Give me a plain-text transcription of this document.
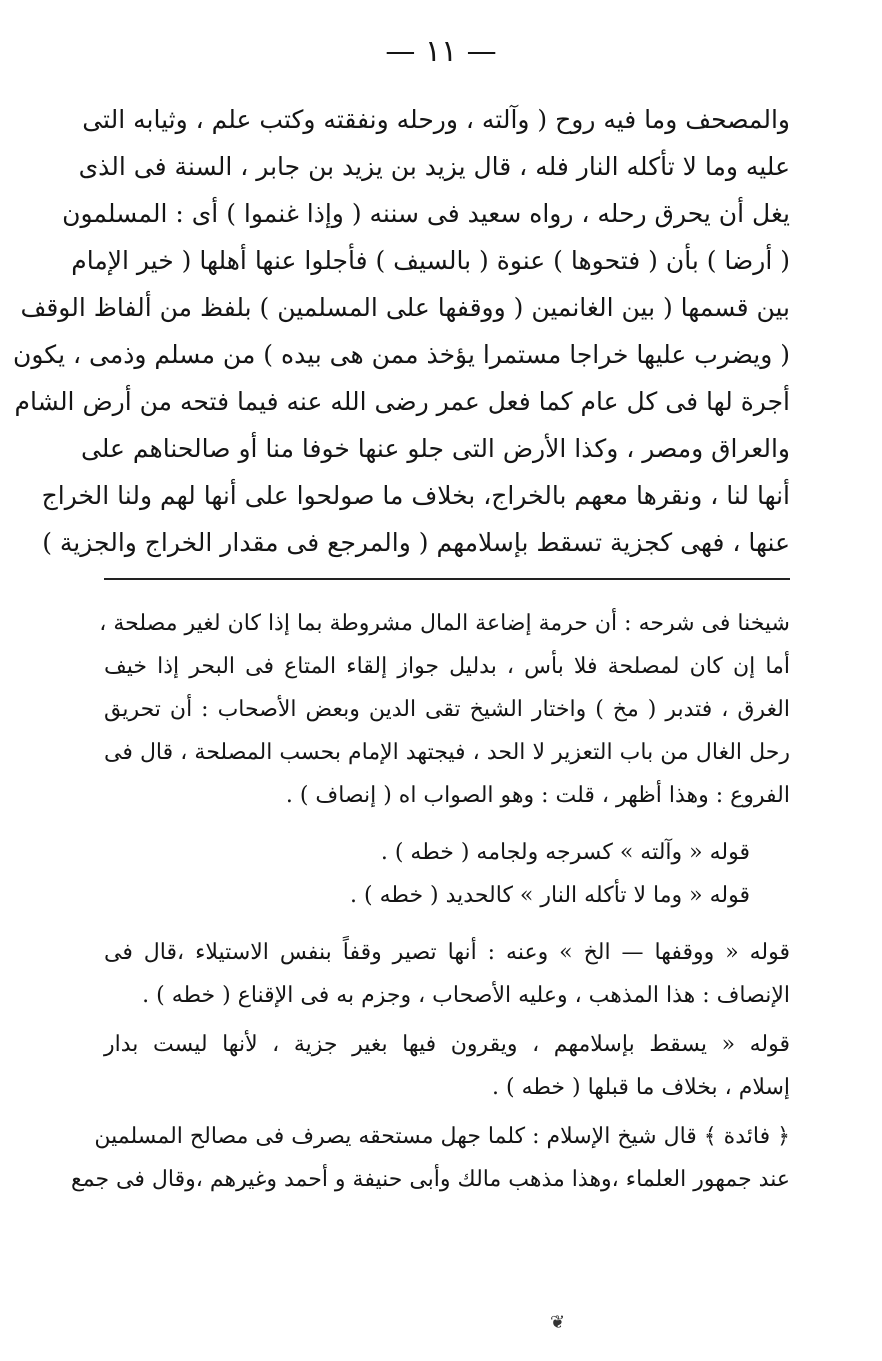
— ١١ —
والمصحف وما فيه روح ( وآلته ، ورحله ونفقته وكتب علم ، وثيابه التى
عليه وما لا تأكله النار فله ، قال يزيد بن يزيد بن جابر ، السنة فى الذى
يغل أن يحرق رحله ، رواه سعيد فى سننه ( وإذا غنموا ) أى : المسلمون
( أرضا ) بأن ( فتحوها ) عنوة ( بالسيف ) فأجلوا عنها أهلها ( خير الإمام
بين قسمها ( بين الغانمين ( ووقفها على المسلمين ) بلفظ من ألفاظ الوقف
( ويضرب عليها خراجا مستمرا يؤخذ ممن هى بيده ) من مسلم وذمى ، يكون
أجرة لها فى كل عام كما فعل عمر رضى الله عنه فيما فتحه من أرض الشام
والعراق ومصر ، وكذا الأرض التى جلو عنها خوفا منا أو صالحناهم على
أنها لنا ، ونقرها معهم بالخراج، بخلاف ما صولحوا على أنها لهم ولنا الخراج
عنها ، فهى كجزية تسقط بإسلامهم ( والمرجع فى مقدار الخراج والجزية )
شيخنا فى شرحه : أن حرمة إضاعة المال مشروطة بما إذا كان لغير مصلحة ،
أما إن كان لمصلحة فلا بأس ، بدليل جواز إلقاء المتاع فى البحر إذا خيف
الغرق ، فتدبر ( مخ ) واختار الشيخ تقى الدين وبعض الأصحاب : أن تحريق
رحل الغال من باب التعزير لا الحد ، فيجتهد الإمام بحسب المصلحة ، قال فى
الفروع : وهذا أظهر ، قلت : وهو الصواب اه ( إنصاف ) .
قوله « وآلته » كسرجه ولجامه ( خطه ) .
قوله « وما لا تأكله النار » كالحديد ( خطه ) .
قوله « ووقفها — الخ » وعنه : أنها تصير وقفاً بنفس الاستيلاء ،قال فى
الإنصاف : هذا المذهب ، وعليه الأصحاب ، وجزم به فى الإقناع ( خطه ) .
قوله « يسقط بإسلامهم ، ويقرون فيها بغير جزية ، لأنها ليست بدار
إسلام ، بخلاف ما قبلها ( خطه ) .
﴿ فائدة ﴾ قال شيخ الإسلام : كلما جهل مستحقه يصرف فى مصالح المسلمين
عند جمهور العلماء ،وهذا مذهب مالك وأبى حنيفة و أحمد وغيرهم ،وقال فى جمع
❦
